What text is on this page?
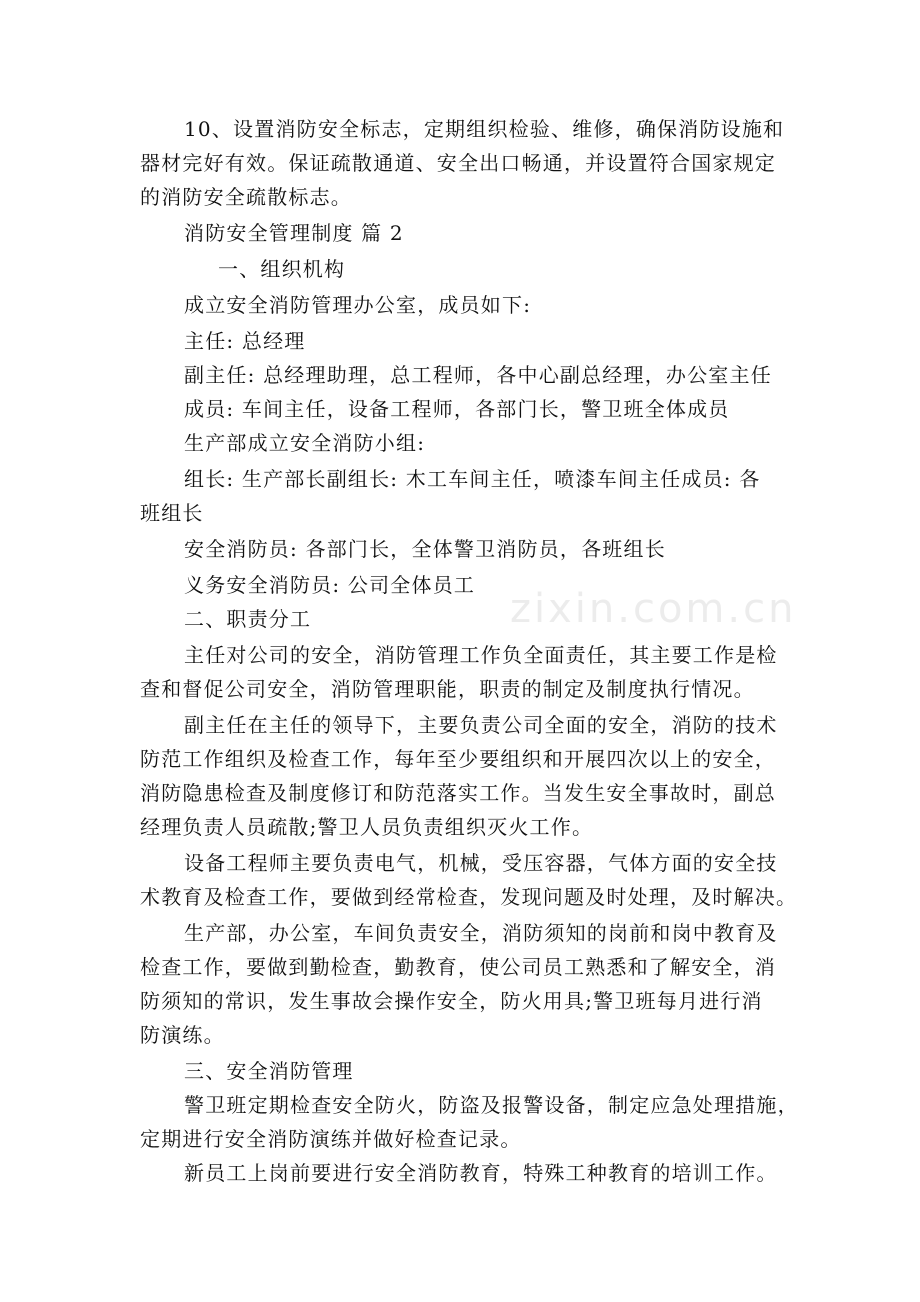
zixin.com.cn
10、设置消防安全标志，定期组织检验、维修，确保消防设施和
器材完好有效。保证疏散通道、安全出口畅通，并设置符合国家规定
的消防安全疏散标志。
消防安全管理制度 篇 2
一、组织机构
成立安全消防管理办公室，成员如下:
主任: 总经理
副主任: 总经理助理，总工程师，各中心副总经理，办公室主任
成员: 车间主任，设备工程师，各部门长，警卫班全体成员
生产部成立安全消防小组:
组长: 生产部长副组长: 木工车间主任，喷漆车间主任成员: 各
班组长
安全消防员: 各部门长，全体警卫消防员，各班组长
义务安全消防员: 公司全体员工
二、职责分工
主任对公司的安全，消防管理工作负全面责任，其主要工作是检
查和督促公司安全，消防管理职能，职责的制定及制度执行情况。
副主任在主任的领导下，主要负责公司全面的安全，消防的技术
防范工作组织及检查工作，每年至少要组织和开展四次以上的安全，
消防隐患检查及制度修订和防范落实工作。当发生安全事故时，副总
经理负责人员疏散;警卫人员负责组织灭火工作。
设备工程师主要负责电气，机械，受压容器，气体方面的安全技
术教育及检查工作，要做到经常检查，发现问题及时处理，及时解决。
生产部，办公室，车间负责安全，消防须知的岗前和岗中教育及
检查工作，要做到勤检查，勤教育，使公司员工熟悉和了解安全，消
防须知的常识，发生事故会操作安全，防火用具;警卫班每月进行消
防演练。
三、安全消防管理
警卫班定期检查安全防火，防盗及报警设备，制定应急处理措施，
定期进行安全消防演练并做好检查记录。
新员工上岗前要进行安全消防教育，特殊工种教育的培训工作。
